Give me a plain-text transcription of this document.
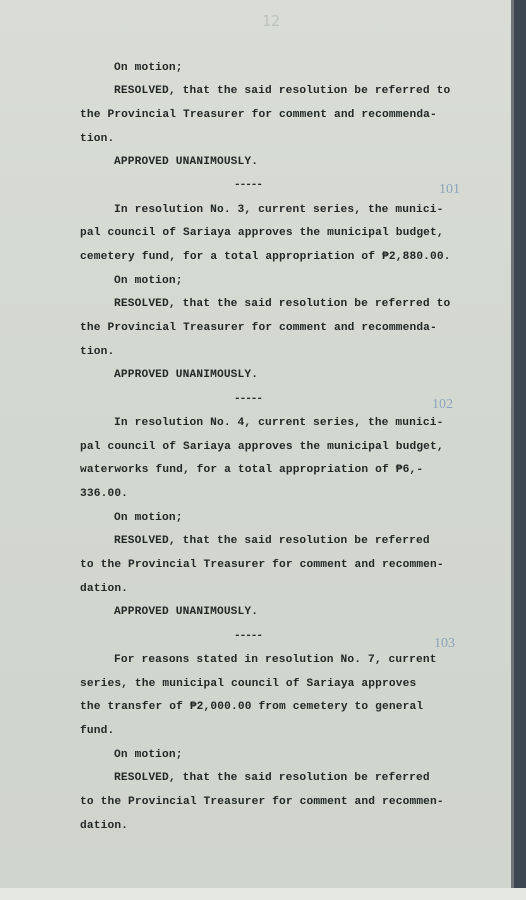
12
On motion;
RESOLVED, that the said resolution be referred to
the Provincial Treasurer for comment and recommenda-
tion.
APPROVED UNANIMOUSLY.
-----	101
In resolution No. 3, current series, the munici-
pal council of Sariaya approves the municipal budget,
cemetery fund, for a total appropriation of ₱2,880.00.
On motion;
RESOLVED, that the said resolution be referred to
the Provincial Treasurer for comment and recommenda-
tion.
APPROVED UNANIMOUSLY.
-----	102
In resolution No. 4, current series, the munici-
pal council of Sariaya approves the municipal budget,
waterworks fund, for a total appropriation of ₱6,-
336.00.
On motion;
RESOLVED, that the said resolution be referred
to the Provincial Treasurer for comment and recommen-
dation.
APPROVED UNANIMOUSLY.
-----	103
For reasons stated in resolution No. 7, current
series, the municipal council of Sariaya approves
the transfer of ₱2,000.00 from cemetery to general
fund.
On motion;
RESOLVED, that the said resolution be referred
to the Provincial Treasurer for comment and recommen-
dation.
